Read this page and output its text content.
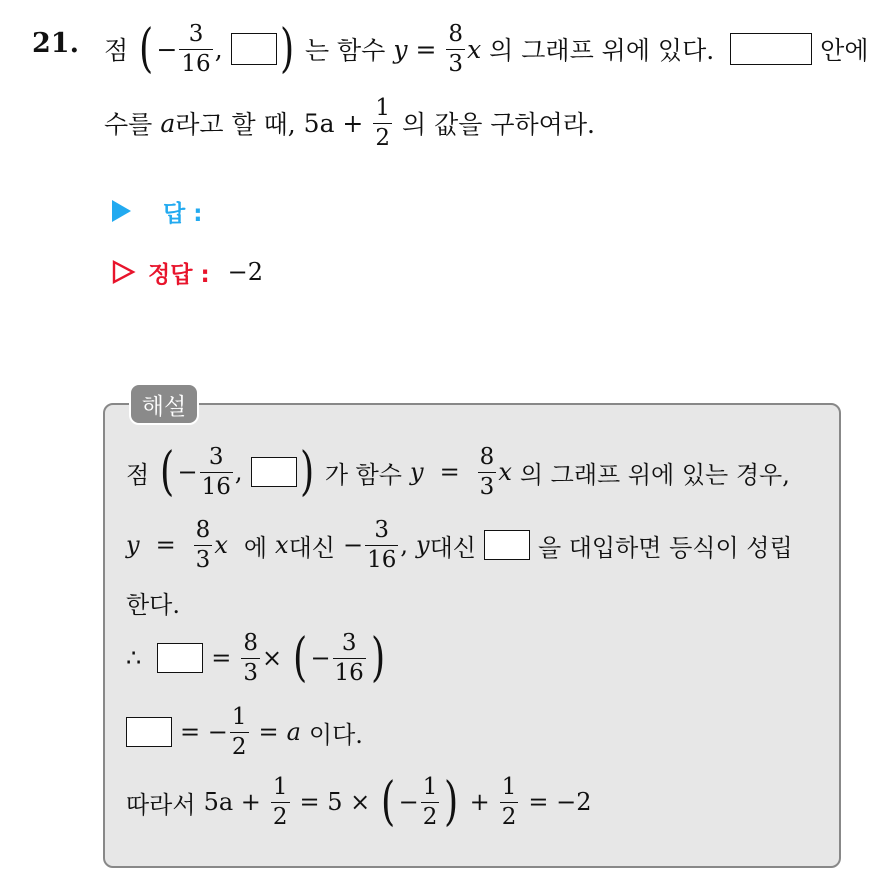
21. 점 ( − $\frac{3}{16}$ , ) 는 함수 $y = \frac{8}{3}$ x 의 그래프 위에 있다.	안에
수를 a 라고 할 때, $5a + \frac{1}{2}$ 의 값을 구하여라.
답 :
정답 : −2
해설
점 ( − $\frac{3}{16}$ , ) 가 함수 $y = \frac{8}{3}$ x 의 그래프 위에 있는 경우,
$y = \frac{8}{3}$ x 에 x 대신 − $\frac{3}{16}$ , y 대신	을 대입하면 등식이 성립
한다.
∴	= $\frac{8}{3}$ × ( − $\frac{3}{16}$ )
= − $\frac{1}{2} = a$ 이다.
따라서 $5a + \frac{1}{2} = 5$ × ( − $\frac{1}{2}$ ) + $\frac{1}{2} = -2$
